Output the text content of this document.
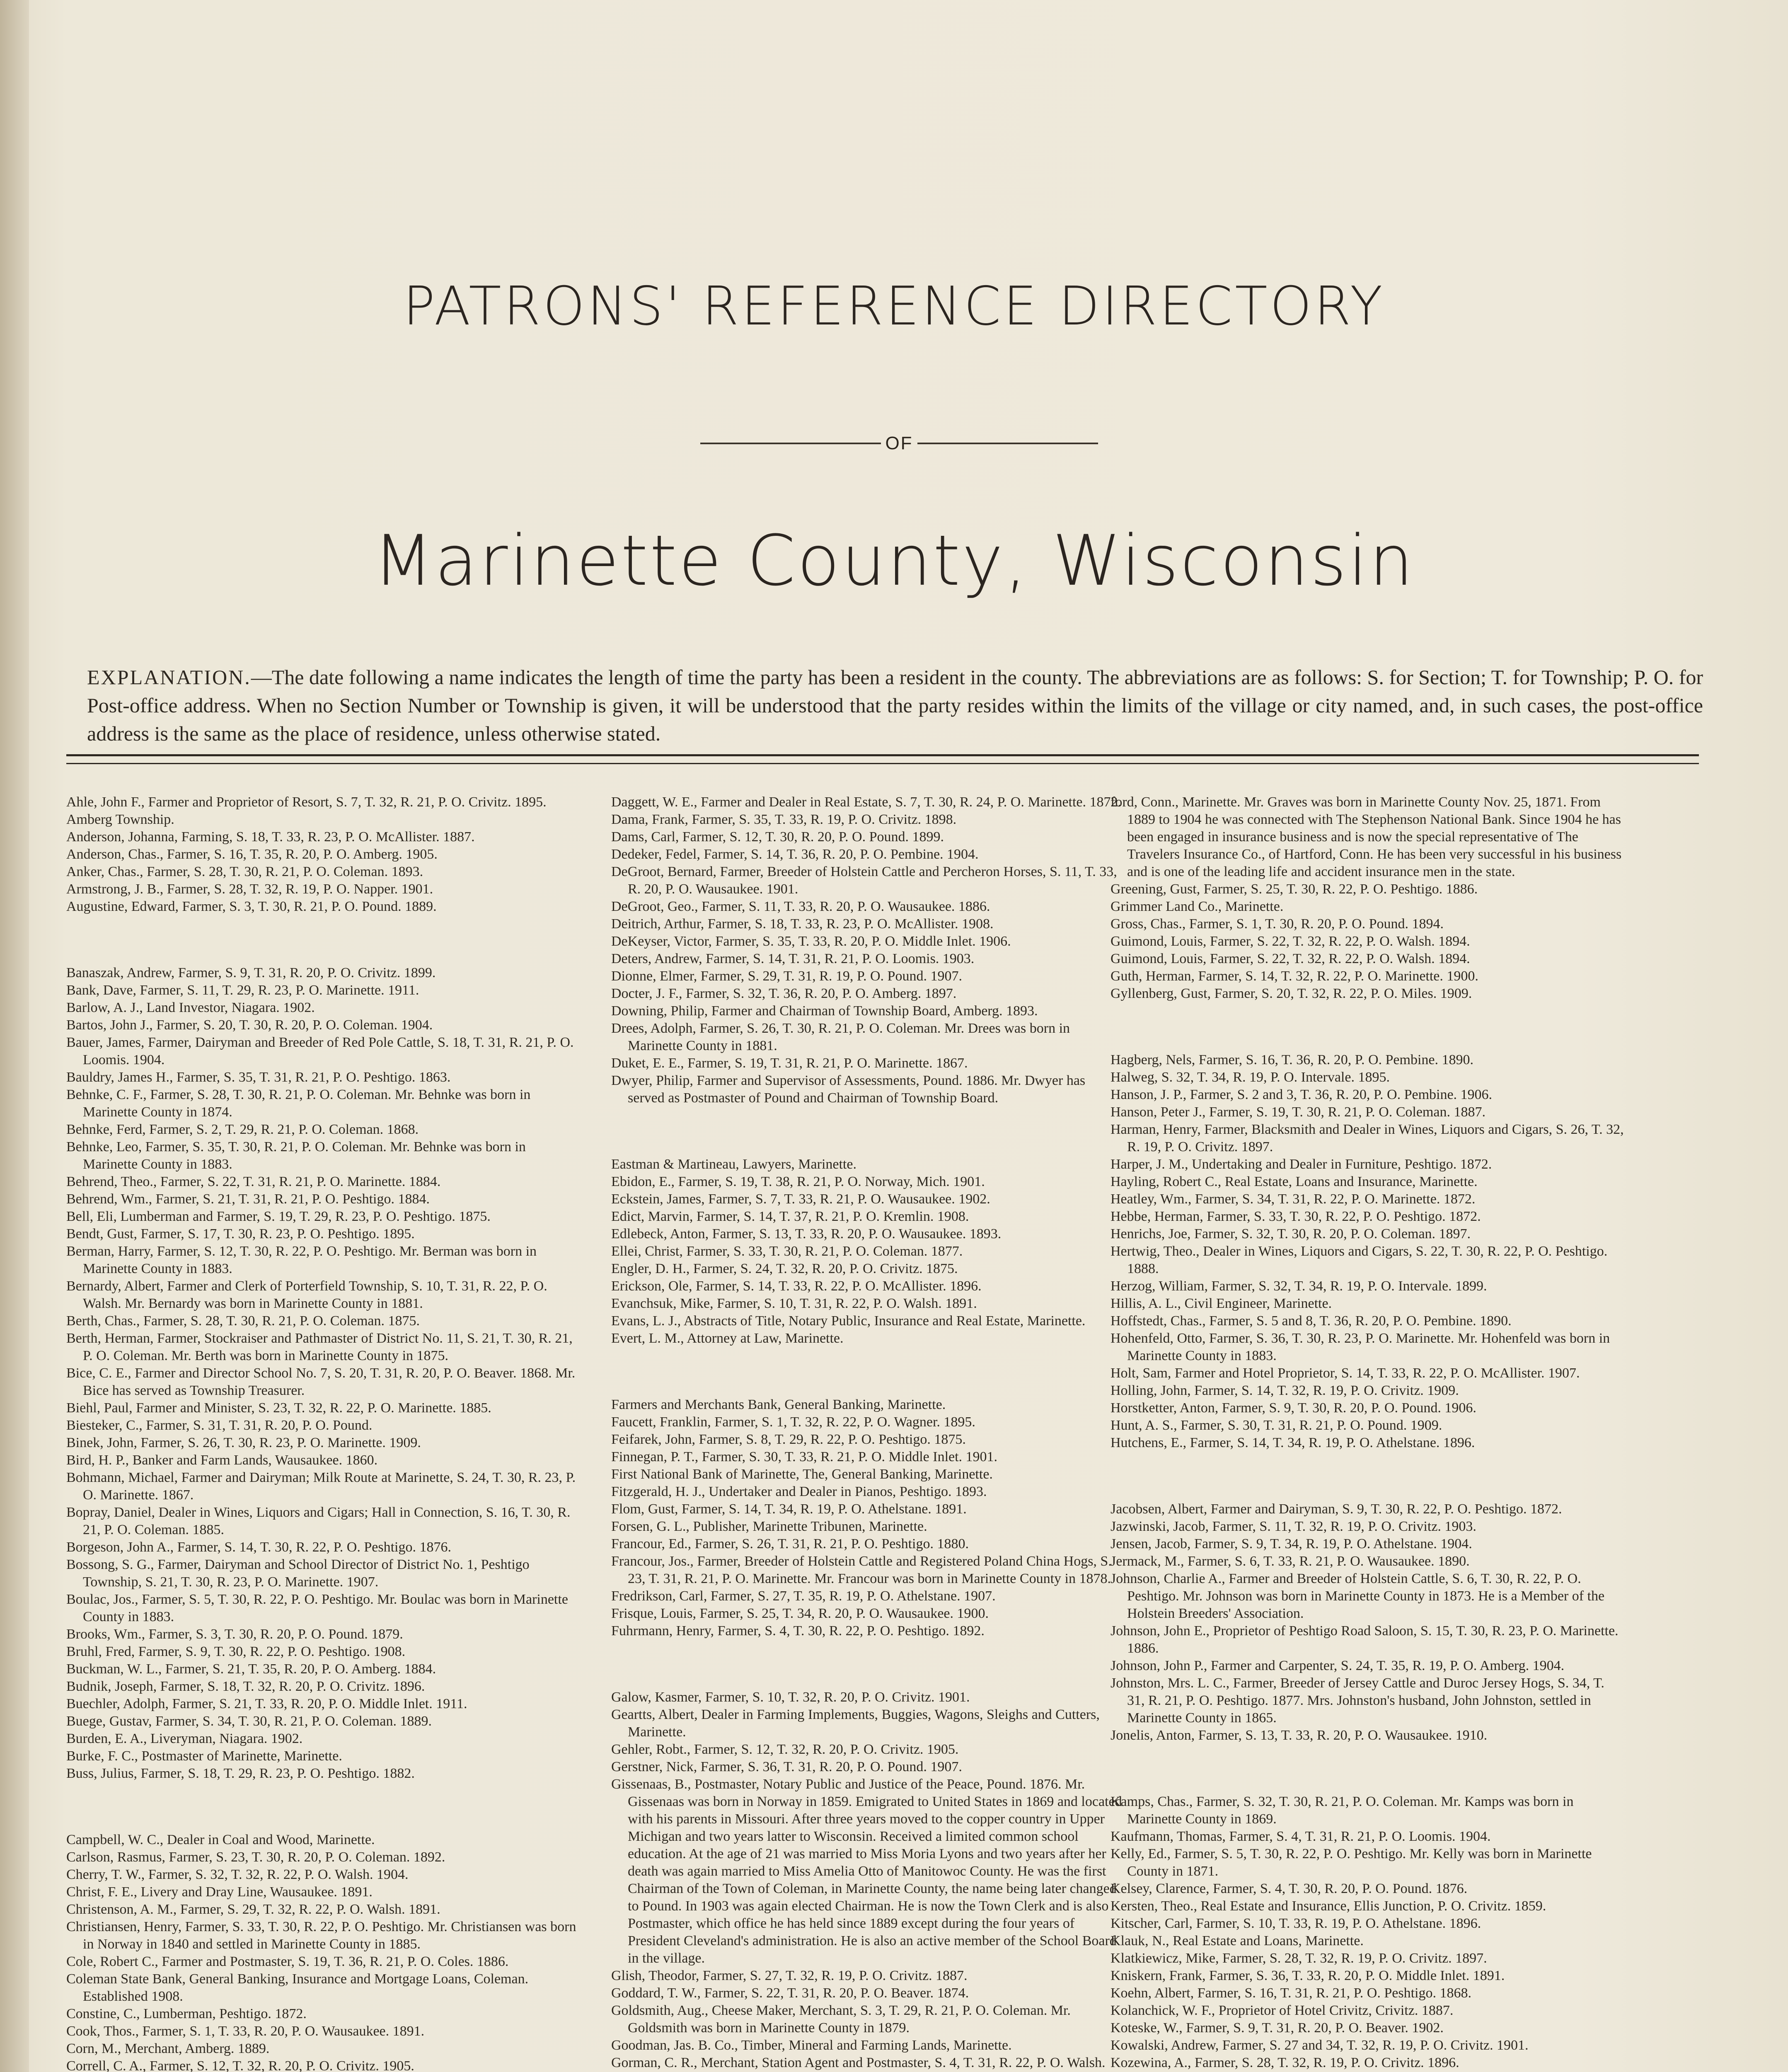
PATRONS' REFERENCE DIRECTORY
OF
Marinette County, Wisconsin
EXPLANATION.—The date following a name indicates the length of time the party has been a resident in the county. The abbreviations are as follows: S. for Section; T. for Township; P. O. for Post-office address. When no Section Number or Township is given, it will be understood that the party resides within the limits of the village or city named, and, in such cases, the post-office address is the same as the place of residence, unless otherwise stated.

Ahle, John F., Farmer and Proprietor of Resort, S. 7, T. 32, R. 21, P. O. Crivitz. 1895.

Amberg Township.

Anderson, Johanna, Farming, S. 18, T. 33, R. 23, P. O. McAllister. 1887.

Anderson, Chas., Farmer, S. 16, T. 35, R. 20, P. O. Amberg. 1905.

Anker, Chas., Farmer, S. 28, T. 30, R. 21, P. O. Coleman. 1893.

Armstrong, J. B., Farmer, S. 28, T. 32, R. 19, P. O. Napper. 1901.

Augustine, Edward, Farmer, S. 3, T. 30, R. 21, P. O. Pound. 1889.

Banaszak, Andrew, Farmer, S. 9, T. 31, R. 20, P. O. Crivitz. 1899.

Bank, Dave, Farmer, S. 11, T. 29, R. 23, P. O. Marinette. 1911.

Barlow, A. J., Land Investor, Niagara. 1902.

Bartos, John J., Farmer, S. 20, T. 30, R. 20, P. O. Coleman. 1904.

Bauer, James, Farmer, Dairyman and Breeder of Red Pole Cattle, S. 18, T. 31, R. 21, P. O. Loomis. 1904.

Bauldry, James H., Farmer, S. 35, T. 31, R. 21, P. O. Peshtigo. 1863.

Behnke, C. F., Farmer, S. 28, T. 30, R. 21, P. O. Coleman. Mr. Behnke was born in Marinette County in 1874.

Behnke, Ferd, Farmer, S. 2, T. 29, R. 21, P. O. Coleman. 1868.

Behnke, Leo, Farmer, S. 35, T. 30, R. 21, P. O. Coleman. Mr. Behnke was born in Marinette County in 1883.

Behrend, Theo., Farmer, S. 22, T. 31, R. 21, P. O. Marinette. 1884.

Behrend, Wm., Farmer, S. 21, T. 31, R. 21, P. O. Peshtigo. 1884.

Bell, Eli, Lumberman and Farmer, S. 19, T. 29, R. 23, P. O. Peshtigo. 1875.

Bendt, Gust, Farmer, S. 17, T. 30, R. 23, P. O. Peshtigo. 1895.

Berman, Harry, Farmer, S. 12, T. 30, R. 22, P. O. Peshtigo. Mr. Berman was born in Marinette County in 1883.

Bernardy, Albert, Farmer and Clerk of Porterfield Township, S. 10, T. 31, R. 22, P. O. Walsh. Mr. Bernardy was born in Marinette County in 1881.

Berth, Chas., Farmer, S. 28, T. 30, R. 21, P. O. Coleman. 1875.

Berth, Herman, Farmer, Stockraiser and Pathmaster of District No. 11, S. 21, T. 30, R. 21, P. O. Coleman. Mr. Berth was born in Marinette County in 1875.

Bice, C. E., Farmer and Director School No. 7, S. 20, T. 31, R. 20, P. O. Beaver. 1868. Mr. Bice has served as Township Treasurer.

Biehl, Paul, Farmer and Minister, S. 23, T. 32, R. 22, P. O. Marinette. 1885.

Biesteker, C., Farmer, S. 31, T. 31, R. 20, P. O. Pound.

Binek, John, Farmer, S. 26, T. 30, R. 23, P. O. Marinette. 1909.

Bird, H. P., Banker and Farm Lands, Wausaukee. 1860.

Bohmann, Michael, Farmer and Dairyman; Milk Route at Marinette, S. 24, T. 30, R. 23, P. O. Marinette. 1867.

Bopray, Daniel, Dealer in Wines, Liquors and Cigars; Hall in Connection, S. 16, T. 30, R. 21, P. O. Coleman. 1885.

Borgeson, John A., Farmer, S. 14, T. 30, R. 22, P. O. Peshtigo. 1876.

Bossong, S. G., Farmer, Dairyman and School Director of District No. 1, Peshtigo Township, S. 21, T. 30, R. 23, P. O. Marinette. 1907.

Boulac, Jos., Farmer, S. 5, T. 30, R. 22, P. O. Peshtigo. Mr. Boulac was born in Marinette County in 1883.

Brooks, Wm., Farmer, S. 3, T. 30, R. 20, P. O. Pound. 1879.

Bruhl, Fred, Farmer, S. 9, T. 30, R. 22, P. O. Peshtigo. 1908.

Buckman, W. L., Farmer, S. 21, T. 35, R. 20, P. O. Amberg. 1884.

Budnik, Joseph, Farmer, S. 18, T. 32, R. 20, P. O. Crivitz. 1896.

Buechler, Adolph, Farmer, S. 21, T. 33, R. 20, P. O. Middle Inlet. 1911.

Buege, Gustav, Farmer, S. 34, T. 30, R. 21, P. O. Coleman. 1889.

Burden, E. A., Liveryman, Niagara. 1902.

Burke, F. C., Postmaster of Marinette, Marinette.

Buss, Julius, Farmer, S. 18, T. 29, R. 23, P. O. Peshtigo. 1882.

Campbell, W. C., Dealer in Coal and Wood, Marinette.

Carlson, Rasmus, Farmer, S. 23, T. 30, R. 20, P. O. Coleman. 1892.

Cherry, T. W., Farmer, S. 32, T. 32, R. 22, P. O. Walsh. 1904.

Christ, F. E., Livery and Dray Line, Wausaukee. 1891.

Christenson, A. M., Farmer, S. 29, T. 32, R. 22, P. O. Walsh. 1891.

Christiansen, Henry, Farmer, S. 33, T. 30, R. 22, P. O. Peshtigo. Mr. Christiansen was born in Norway in 1840 and settled in Marinette County in 1885.

Cole, Robert C., Farmer and Postmaster, S. 19, T. 36, R. 21, P. O. Coles. 1886.

Coleman State Bank, General Banking, Insurance and Mortgage Loans, Coleman. Established 1908.

Constine, C., Lumberman, Peshtigo. 1872.

Cook, Thos., Farmer, S. 1, T. 33, R. 20, P. O. Wausaukee. 1891.

Corn, M., Merchant, Amberg. 1889.

Correll, C. A., Farmer, S. 12, T. 32, R. 20, P. O. Crivitz. 1905.

Daggett, W. E., Farmer and Dealer in Real Estate, S. 7, T. 30, R. 24, P. O. Marinette. 1872.

Dama, Frank, Farmer, S. 35, T. 33, R. 19, P. O. Crivitz. 1898.

Dams, Carl, Farmer, S. 12, T. 30, R. 20, P. O. Pound. 1899.

Dedeker, Fedel, Farmer, S. 14, T. 36, R. 20, P. O. Pembine. 1904.

DeGroot, Bernard, Farmer, Breeder of Holstein Cattle and Percheron Horses, S. 11, T. 33, R. 20, P. O. Wausaukee. 1901.

DeGroot, Geo., Farmer, S. 11, T. 33, R. 20, P. O. Wausaukee. 1886.

Deitrich, Arthur, Farmer, S. 18, T. 33, R. 23, P. O. McAllister. 1908.

DeKeyser, Victor, Farmer, S. 35, T. 33, R. 20, P. O. Middle Inlet. 1906.

Deters, Andrew, Farmer, S. 14, T. 31, R. 21, P. O. Loomis. 1903.

Dionne, Elmer, Farmer, S. 29, T. 31, R. 19, P. O. Pound. 1907.

Docter, J. F., Farmer, S. 32, T. 36, R. 20, P. O. Amberg. 1897.

Downing, Philip, Farmer and Chairman of Township Board, Amberg. 1893.

Drees, Adolph, Farmer, S. 26, T. 30, R. 21, P. O. Coleman. Mr. Drees was born in Marinette County in 1881.

Duket, E. E., Farmer, S. 19, T. 31, R. 21, P. O. Marinette. 1867.

Dwyer, Philip, Farmer and Supervisor of Assessments, Pound. 1886. Mr. Dwyer has served as Postmaster of Pound and Chairman of Township Board.

Eastman & Martineau, Lawyers, Marinette.

Ebidon, E., Farmer, S. 19, T. 38, R. 21, P. O. Norway, Mich. 1901.

Eckstein, James, Farmer, S. 7, T. 33, R. 21, P. O. Wausaukee. 1902.

Edict, Marvin, Farmer, S. 14, T. 37, R. 21, P. O. Kremlin. 1908.

Edlebeck, Anton, Farmer, S. 13, T. 33, R. 20, P. O. Wausaukee. 1893.

Ellei, Christ, Farmer, S. 33, T. 30, R. 21, P. O. Coleman. 1877.

Engler, D. H., Farmer, S. 24, T. 32, R. 20, P. O. Crivitz. 1875.

Erickson, Ole, Farmer, S. 14, T. 33, R. 22, P. O. McAllister. 1896.

Evanchsuk, Mike, Farmer, S. 10, T. 31, R. 22, P. O. Walsh. 1891.

Evans, L. J., Abstracts of Title, Notary Public, Insurance and Real Estate, Marinette.

Evert, L. M., Attorney at Law, Marinette.

Farmers and Merchants Bank, General Banking, Marinette.

Faucett, Franklin, Farmer, S. 1, T. 32, R. 22, P. O. Wagner. 1895.

Feifarek, John, Farmer, S. 8, T. 29, R. 22, P. O. Peshtigo. 1875.

Finnegan, P. T., Farmer, S. 30, T. 33, R. 21, P. O. Middle Inlet. 1901.

First National Bank of Marinette, The, General Banking, Marinette.

Fitzgerald, H. J., Undertaker and Dealer in Pianos, Peshtigo. 1893.

Flom, Gust, Farmer, S. 14, T. 34, R. 19, P. O. Athelstane. 1891.

Forsen, G. L., Publisher, Marinette Tribunen, Marinette.

Francour, Ed., Farmer, S. 26, T. 31, R. 21, P. O. Peshtigo. 1880.

Francour, Jos., Farmer, Breeder of Holstein Cattle and Registered Poland China Hogs, S. 23, T. 31, R. 21, P. O. Marinette. Mr. Francour was born in Marinette County in 1878.

Fredrikson, Carl, Farmer, S. 27, T. 35, R. 19, P. O. Athelstane. 1907.

Frisque, Louis, Farmer, S. 25, T. 34, R. 20, P. O. Wausaukee. 1900.

Fuhrmann, Henry, Farmer, S. 4, T. 30, R. 22, P. O. Peshtigo. 1892.

Galow, Kasmer, Farmer, S. 10, T. 32, R. 20, P. O. Crivitz. 1901.

Geartts, Albert, Dealer in Farming Implements, Buggies, Wagons, Sleighs and Cutters, Marinette.

Gehler, Robt., Farmer, S. 12, T. 32, R. 20, P. O. Crivitz. 1905.

Gerstner, Nick, Farmer, S. 36, T. 31, R. 20, P. O. Pound. 1907.

Gissenaas, B., Postmaster, Notary Public and Justice of the Peace, Pound. 1876. Mr. Gissenaas was born in Norway in 1859. Emigrated to United States in 1869 and located with his parents in Missouri. After three years moved to the copper country in Upper Michigan and two years latter to Wisconsin. Received a limited common school education. At the age of 21 was married to Miss Moria Lyons and two years after her death was again married to Miss Amelia Otto of Manitowoc County. He was the first Chairman of the Town of Coleman, in Marinette County, the name being later changed to Pound. In 1903 was again elected Chairman. He is now the Town Clerk and is also Postmaster, which office he has held since 1889 except during the four years of President Cleveland's administration. He is also an active member of the School Board in the village.

Glish, Theodor, Farmer, S. 27, T. 32, R. 19, P. O. Crivitz. 1887.

Goddard, T. W., Farmer, S. 22, T. 31, R. 20, P. O. Beaver. 1874.

Goldsmith, Aug., Cheese Maker, Merchant, S. 3, T. 29, R. 21, P. O. Coleman. Mr. Goldsmith was born in Marinette County in 1879.

Goodman, Jas. B. Co., Timber, Mineral and Farming Lands, Marinette.

Gorman, C. R., Merchant, Station Agent and Postmaster, S. 4, T. 31, R. 22, P. O. Walsh.

ford, Conn., Marinette. Mr. Graves was born in Marinette County Nov. 25, 1871. From 1889 to 1904 he was connected with The Stephenson National Bank. Since 1904 he has been engaged in insurance business and is now the special representative of The Travelers Insurance Co., of Hartford, Conn. He has been very successful in his business and is one of the leading life and accident insurance men in the state.

Greening, Gust, Farmer, S. 25, T. 30, R. 22, P. O. Peshtigo. 1886.

Grimmer Land Co., Marinette.

Gross, Chas., Farmer, S. 1, T. 30, R. 20, P. O. Pound. 1894.

Guimond, Louis, Farmer, S. 22, T. 32, R. 22, P. O. Walsh. 1894.

Guimond, Louis, Farmer, S. 22, T. 32, R. 22, P. O. Walsh. 1894.

Guth, Herman, Farmer, S. 14, T. 32, R. 22, P. O. Marinette. 1900.

Gyllenberg, Gust, Farmer, S. 20, T. 32, R. 22, P. O. Miles. 1909.

Hagberg, Nels, Farmer, S. 16, T. 36, R. 20, P. O. Pembine. 1890.

Halweg, S. 32, T. 34, R. 19, P. O. Intervale. 1895.

Hanson, J. P., Farmer, S. 2 and 3, T. 36, R. 20, P. O. Pembine. 1906.

Hanson, Peter J., Farmer, S. 19, T. 30, R. 21, P. O. Coleman. 1887.

Harman, Henry, Farmer, Blacksmith and Dealer in Wines, Liquors and Cigars, S. 26, T. 32, R. 19, P. O. Crivitz. 1897.

Harper, J. M., Undertaking and Dealer in Furniture, Peshtigo. 1872.

Hayling, Robert C., Real Estate, Loans and Insurance, Marinette.

Heatley, Wm., Farmer, S. 34, T. 31, R. 22, P. O. Marinette. 1872.

Hebbe, Herman, Farmer, S. 33, T. 30, R. 22, P. O. Peshtigo. 1872.

Henrichs, Joe, Farmer, S. 32, T. 30, R. 20, P. O. Coleman. 1897.

Hertwig, Theo., Dealer in Wines, Liquors and Cigars, S. 22, T. 30, R. 22, P. O. Peshtigo. 1888.

Herzog, William, Farmer, S. 32, T. 34, R. 19, P. O. Intervale. 1899.

Hillis, A. L., Civil Engineer, Marinette.

Hoffstedt, Chas., Farmer, S. 5 and 8, T. 36, R. 20, P. O. Pembine. 1890.

Hohenfeld, Otto, Farmer, S. 36, T. 30, R. 23, P. O. Marinette. Mr. Hohenfeld was born in Marinette County in 1883.

Holt, Sam, Farmer and Hotel Proprietor, S. 14, T. 33, R. 22, P. O. McAllister. 1907.

Holling, John, Farmer, S. 14, T. 32, R. 19, P. O. Crivitz. 1909.

Horstketter, Anton, Farmer, S. 9, T. 30, R. 20, P. O. Pound. 1906.

Hunt, A. S., Farmer, S. 30, T. 31, R. 21, P. O. Pound. 1909.

Hutchens, E., Farmer, S. 14, T. 34, R. 19, P. O. Athelstane. 1896.

Jacobsen, Albert, Farmer and Dairyman, S. 9, T. 30, R. 22, P. O. Peshtigo. 1872.

Jazwinski, Jacob, Farmer, S. 11, T. 32, R. 19, P. O. Crivitz. 1903.

Jensen, Jacob, Farmer, S. 9, T. 34, R. 19, P. O. Athelstane. 1904.

Jermack, M., Farmer, S. 6, T. 33, R. 21, P. O. Wausaukee. 1890.

Johnson, Charlie A., Farmer and Breeder of Holstein Cattle, S. 6, T. 30, R. 22, P. O. Peshtigo. Mr. Johnson was born in Marinette County in 1873. He is a Member of the Holstein Breeders' Association.

Johnson, John E., Proprietor of Peshtigo Road Saloon, S. 15, T. 30, R. 23, P. O. Marinette. 1886.

Johnson, John P., Farmer and Carpenter, S. 24, T. 35, R. 19, P. O. Amberg. 1904.

Johnston, Mrs. L. C., Farmer, Breeder of Jersey Cattle and Duroc Jersey Hogs, S. 34, T. 31, R. 21, P. O. Peshtigo. 1877. Mrs. Johnston's husband, John Johnston, settled in Marinette County in 1865.

Jonelis, Anton, Farmer, S. 13, T. 33, R. 20, P. O. Wausaukee. 1910.

Kamps, Chas., Farmer, S. 32, T. 30, R. 21, P. O. Coleman. Mr. Kamps was born in Marinette County in 1869.

Kaufmann, Thomas, Farmer, S. 4, T. 31, R. 21, P. O. Loomis. 1904.

Kelly, Ed., Farmer, S. 5, T. 30, R. 22, P. O. Peshtigo. Mr. Kelly was born in Marinette County in 1871.

Kelsey, Clarence, Farmer, S. 4, T. 30, R. 20, P. O. Pound. 1876.

Kersten, Theo., Real Estate and Insurance, Ellis Junction, P. O. Crivitz. 1859.

Kitscher, Carl, Farmer, S. 10, T. 33, R. 19, P. O. Athelstane. 1896.

Klauk, N., Real Estate and Loans, Marinette.

Klatkiewicz, Mike, Farmer, S. 28, T. 32, R. 19, P. O. Crivitz. 1897.

Kniskern, Frank, Farmer, S. 36, T. 33, R. 20, P. O. Middle Inlet. 1891.

Koehn, Albert, Farmer, S. 16, T. 31, R. 21, P. O. Peshtigo. 1868.

Kolanchick, W. F., Proprietor of Hotel Crivitz, Crivitz. 1887.

Koteske, W., Farmer, S. 9, T. 31, R. 20, P. O. Beaver. 1902.

Kowalski, Andrew, Farmer, S. 27 and 34, T. 32, R. 19, P. O. Crivitz. 1901.

Kozewina, A., Farmer, S. 28, T. 32, R. 19, P. O. Crivitz. 1896.
